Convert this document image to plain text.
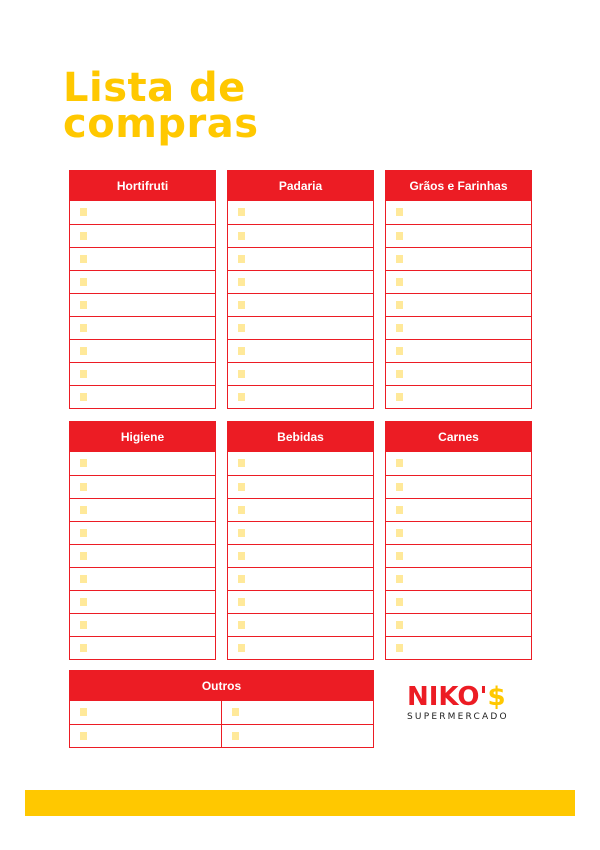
Lista de
compras
Hortifruti	Padaria	Grãos e Farinhas
Higiene	Bebidas	Carnes
Outros	NIKO'$
SUPERMERCADO
